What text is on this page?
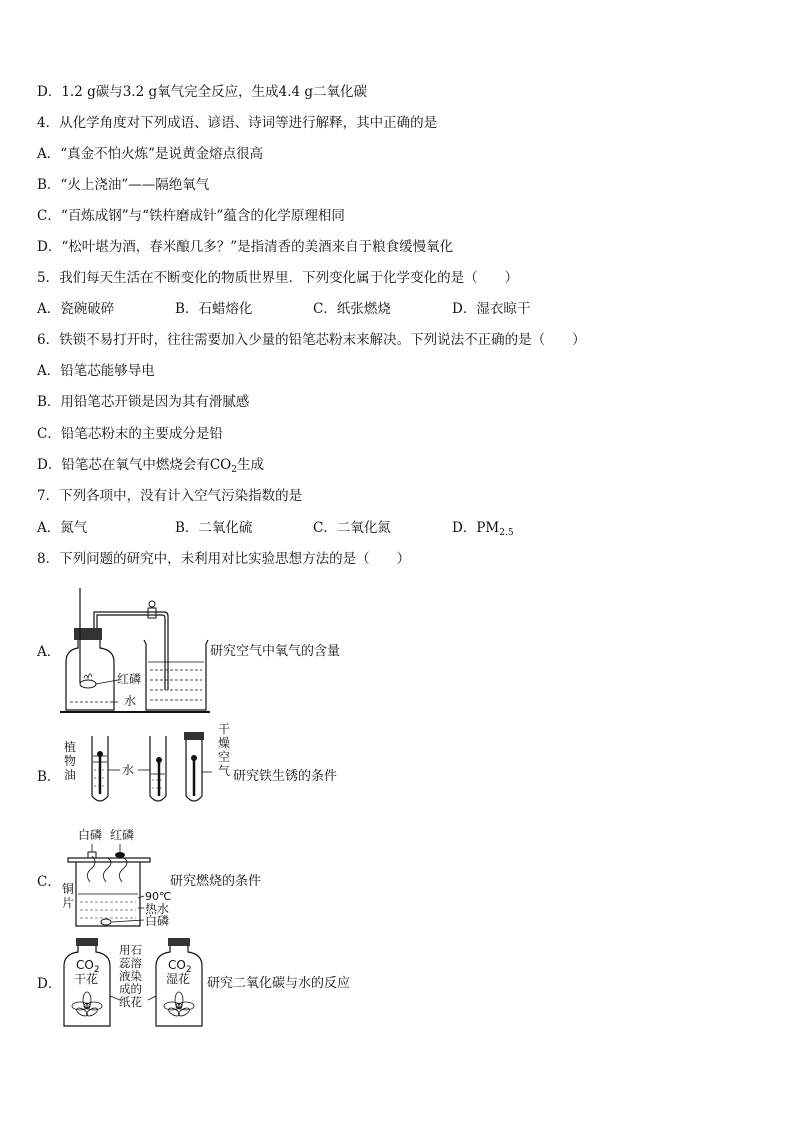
D．1.2 g碳与3.2 g氧气完全反应，生成4.4 g二氧化碳
4．从化学角度对下列成语、谚语、诗词等进行解释，其中正确的是
A．“真金不怕火炼”是说黄金熔点很高
B．“火上浇油”——隔绝氧气
C．“百炼成钢”与“铁杵磨成针”蕴含的化学原理相同
D．“松叶堪为酒，春米酿几多？”是指清香的美酒来自于粮食缓慢氧化
5．我们每天生活在不断变化的物质世界里．下列变化属于化学变化的是（　　）
A．瓷碗破碎	B．石蜡熔化	C．纸张燃烧	D．湿衣晾干
6．铁锁不易打开时，往往需要加入少量的铅笔芯粉末来解决。下列说法不正确的是（　　）
A．铅笔芯能够导电
B．用铅笔芯开锁是因为其有滑腻感
C．铅笔芯粉末的主要成分是铅
D．铅笔芯在氧气中燃烧会有$CO_2$生成
7．下列各项中，没有计入空气污染指数的是
A．氮气	B．二氧化硫	C．二氧化氮	D．$PM_{2.5}$
8．下列问题的研究中，未利用对比实验思想方法的是（　　）
A．
红磷
水
研究空气中氧气的含量
B．
植物油	水
干燥空气 研究铁生锈的条件
C．
白磷 红磷
铜片	90℃
热水
白磷
研究燃烧的条件
D．
$CO_2$
干花
$CO_2$
湿花
用石蕊溶液染成的纸花
研究二氧化碳与水的反应
